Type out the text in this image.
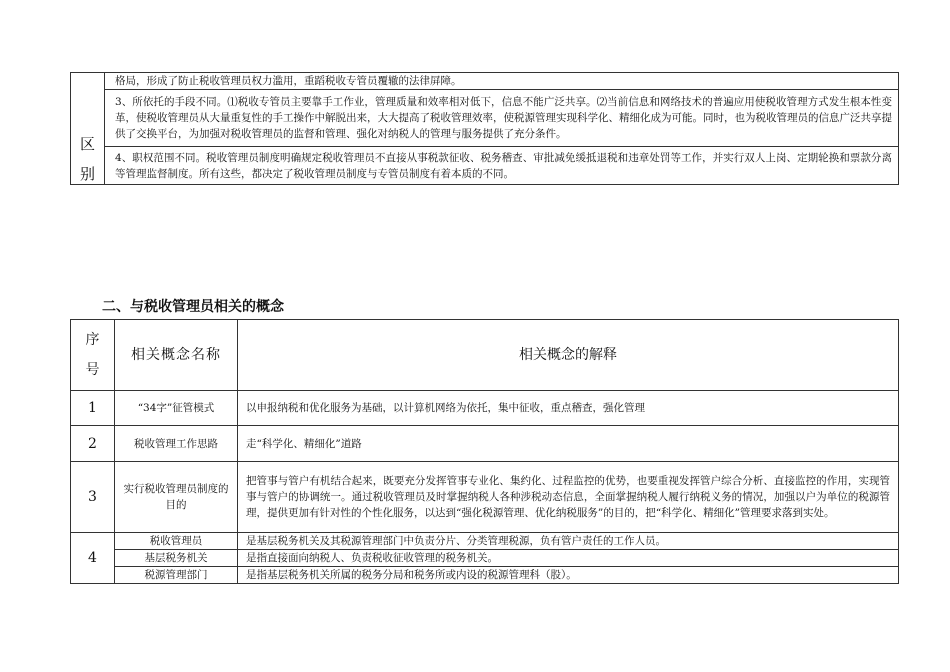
区
别
	格局，形成了防止税收管理员权力滥用，重蹈税收专管员覆辙的法律屏障。
3、所依托的手段不同。⑴税收专管员主要靠手工作业，管理质量和效率相对低下，信息不能广泛共享。⑵当前信息和网络技术的普遍应用使税收管理方式发生根本性变革，使税收管理员从大量重复性的手工操作中解脱出来，大大提高了税收管理效率，使税源管理实现科学化、精细化成为可能。同时，也为税收管理员的信息广泛共享提供了交换平台，为加强对税收管理员的监督和管理、强化对纳税人的管理与服务提供了充分条件。
4、职权范围不同。税收管理员制度明确规定税收管理员不直接从事税款征收、税务稽查、审批减免缓抵退税和违章处罚等工作，并实行双人上岗、定期轮换和票款分离等管理监督制度。所有这些，都决定了税收管理员制度与专管员制度有着本质的不同。
二、与税收管理员相关的概念
序
号	相关概念名称	相关概念的解释
1	“34字”征管模式	以申报纳税和优化服务为基础，以计算机网络为依托，集中征收，重点稽查，强化管理
2	税收管理工作思路	走“科学化、精细化”道路
3	实行税收管理员制度的目的	把管事与管户有机结合起来，既要充分发挥管事专业化、集约化、过程监控的优势，也要重视发挥管户综合分析、直接监控的作用，实现管事与管户的协调统一。通过税收管理员及时掌握纳税人各种涉税动态信息，全面掌握纳税人履行纳税义务的情况，加强以户为单位的税源管理，提供更加有针对性的个性化服务，以达到“强化税源管理、优化纳税服务”的目的，把“科学化、精细化”管理要求落到实处。
4	税收管理员	是基层税务机关及其税源管理部门中负责分片、分类管理税源，负有管户责任的工作人员。
	基层税务机关	是指直接面向纳税人、负责税收征收管理的税务机关。
	税源管理部门	是指基层税务机关所属的税务分局和税务所或内设的税源管理科（股）。
